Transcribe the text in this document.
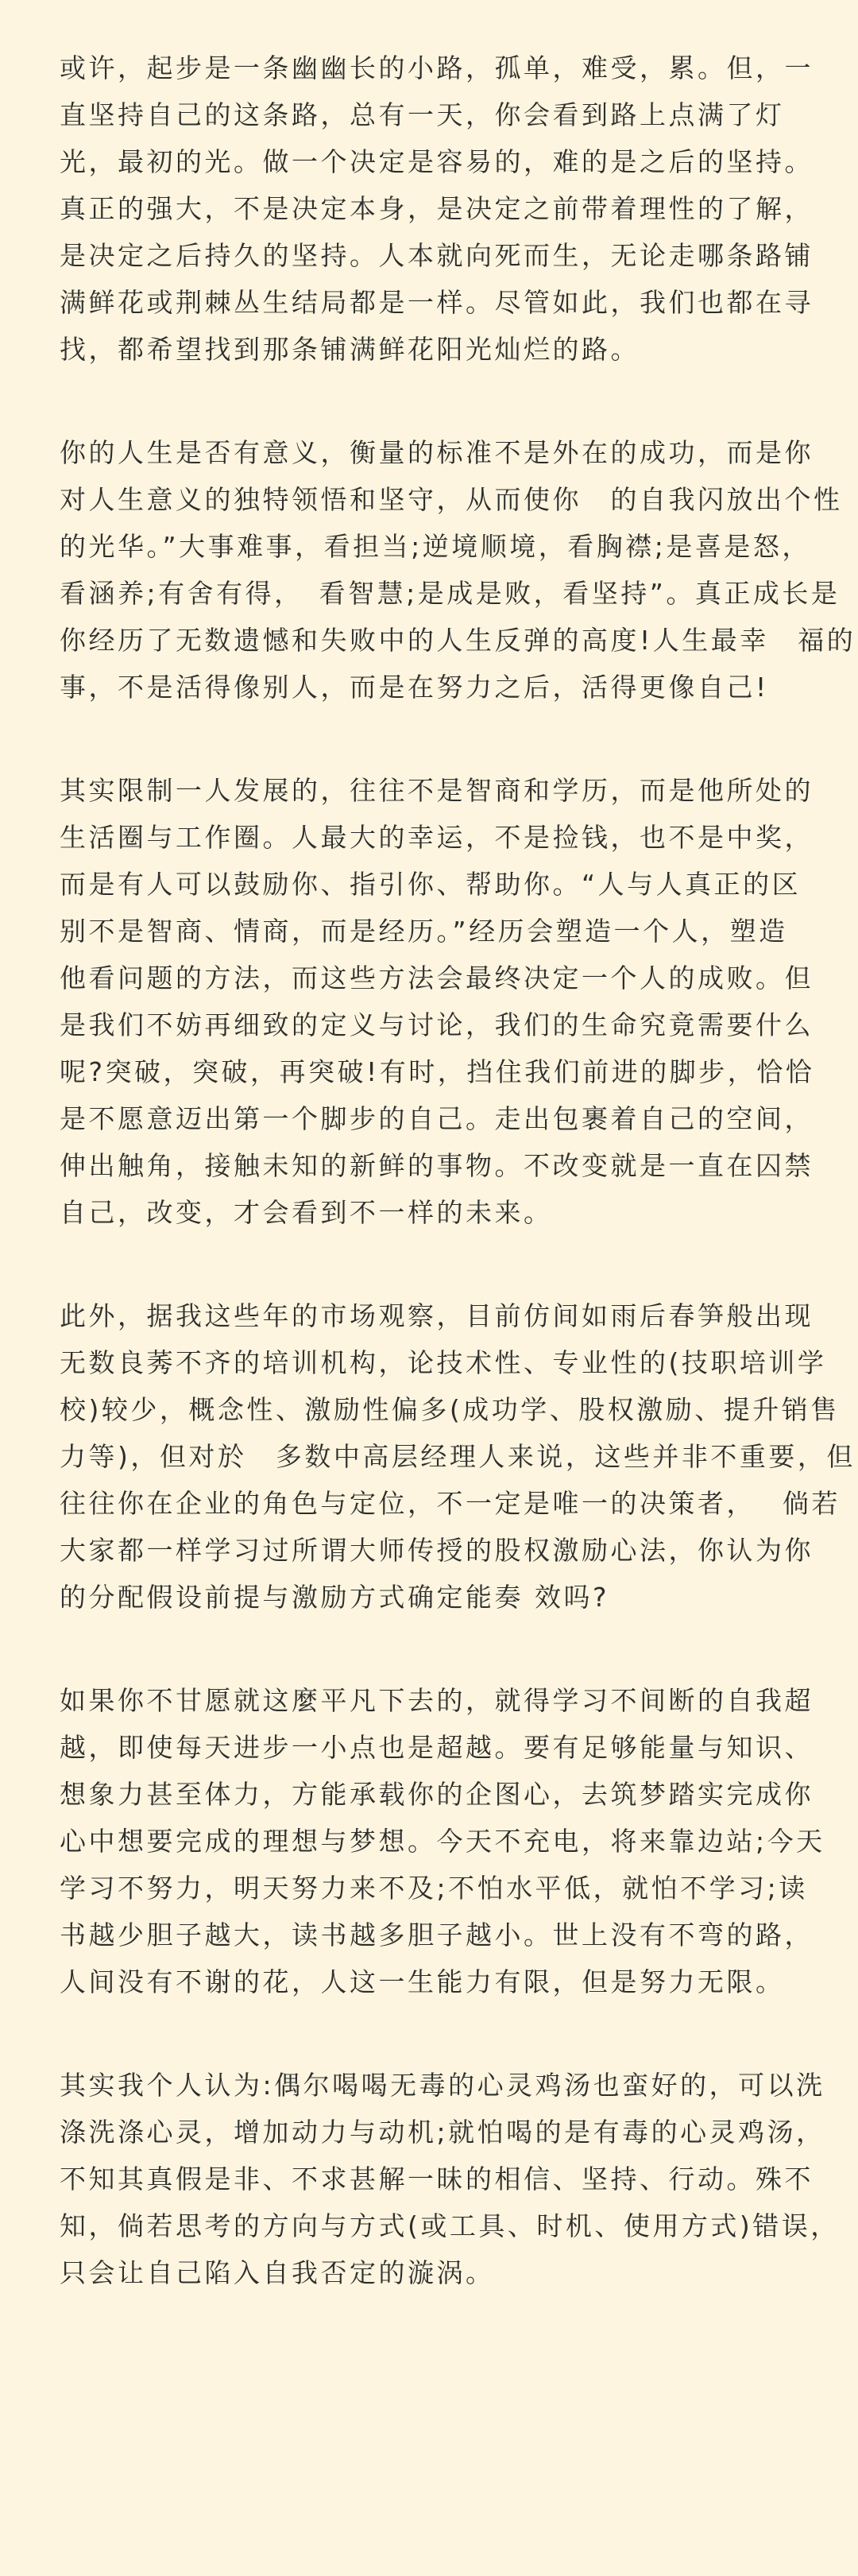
或许，起步是一条幽幽长的小路，孤单，难受，累。但，一
直坚持自己的这条路，总有一天，你会看到路上点满了灯
光，最初的光。做一个决定是容易的，难的是之后的坚持。
真正的强大，不是决定本身，是决定之前带着理性的了解，
是决定之后持久的坚持。人本就向死而生，无论走哪条路铺
满鲜花或荆棘丛生结局都是一样。尽管如此，我们也都在寻
找，都希望找到那条铺满鲜花阳光灿烂的路。
你的人生是否有意义，衡量的标准不是外在的成功，而是你
对人生意义的独特领悟和坚守，从而使你　的自我闪放出个性
的光华。”大事难事，看担当;逆境顺境，看胸襟;是喜是怒，
看涵养;有舍有得，　看智慧;是成是败，看坚持”。真正成长是
你经历了无数遗憾和失败中的人生反弹的高度!人生最幸　福的
事，不是活得像别人，而是在努力之后，活得更像自己!
其实限制一人发展的，往往不是智商和学历，而是他所处的
生活圈与工作圈。人最大的幸运，不是捡钱，也不是中奖，
而是有人可以鼓励你、指引你、帮助你。“人与人真正的区
别不是智商、情商，而是经历。”经历会塑造一个人，塑造
他看问题的方法，而这些方法会最终决定一个人的成败。但
是我们不妨再细致的定义与讨论，我们的生命究竟需要什么
呢?突破，突破，再突破!有时，挡住我们前进的脚步，恰恰
是不愿意迈出第一个脚步的自己。走出包裹着自己的空间，
伸出触角，接触未知的新鲜的事物。不改变就是一直在囚禁
自己，改变，才会看到不一样的未来。
此外，据我这些年的市场观察，目前仿间如雨后春笋般出现
无数良莠不齐的培训机构，论技术性、专业性的(技职培训学
校)较少，概念性、激励性偏多(成功学、股权激励、提升销售
力等)，但对於　多数中高层经理人来说，这些并非不重要，但
往往你在企业的角色与定位，不一定是唯一的决策者，　 倘若
大家都一样学习过所谓大师传授的股权激励心法，你认为你
的分配假设前提与激励方式确定能奏 效吗?
如果你不甘愿就这麼平凡下去的，就得学习不间断的自我超
越，即使每天进步一小点也是超越。要有足够能量与知识、
想象力甚至体力，方能承载你的企图心，去筑梦踏实完成你
心中想要完成的理想与梦想。今天不充电，将来靠边站;今天
学习不努力，明天努力来不及;不怕水平低，就怕不学习;读
书越少胆子越大，读书越多胆子越小。世上没有不弯的路，
人间没有不谢的花，人这一生能力有限，但是努力无限。
其实我个人认为:偶尔喝喝无毒的心灵鸡汤也蛮好的，可以洗
涤洗涤心灵，增加动力与动机;就怕喝的是有毒的心灵鸡汤，
不知其真假是非、不求甚解一昧的相信、坚持、行动。殊不
知，倘若思考的方向与方式(或工具、时机、使用方式)错误，
只会让自己陷入自我否定的漩涡。
